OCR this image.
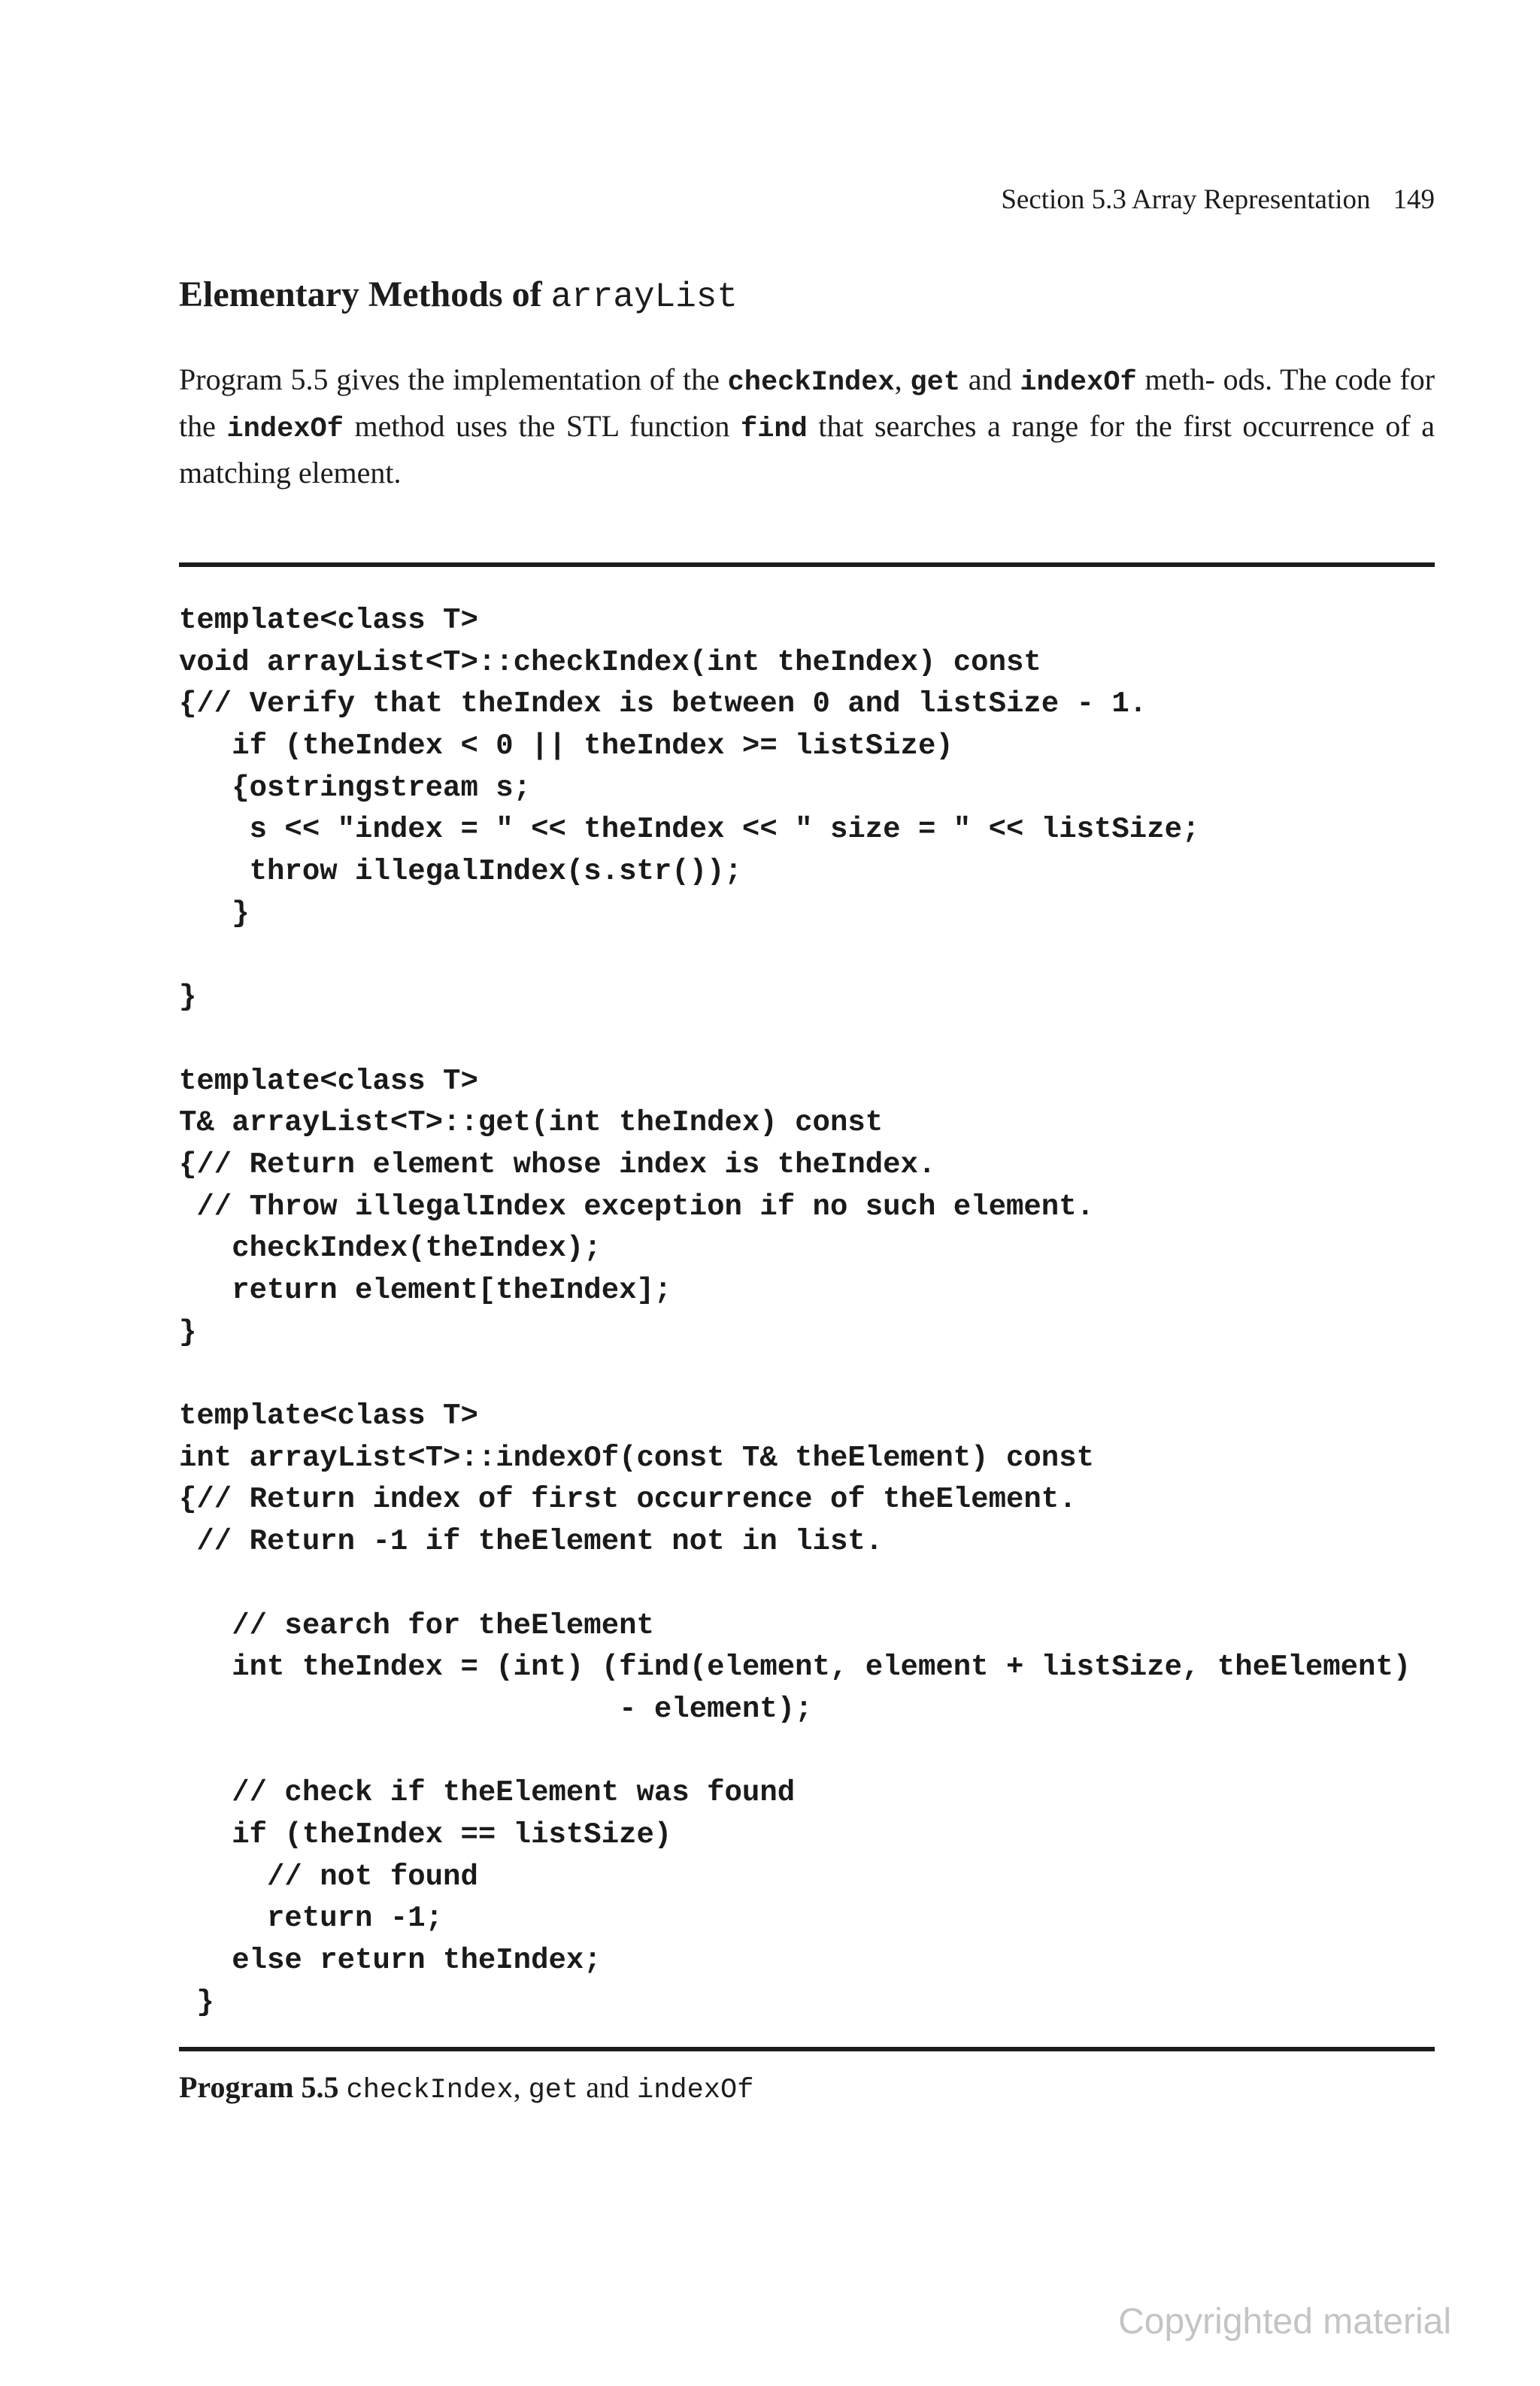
Section 5.3 Array Representation 149
Elementary Methods of arrayList
Program 5.5 gives the implementation of the checkIndex, get and indexOf meth- ods. The code for the indexOf method uses the STL function find that searches a range for the first occurrence of a matching element.
template<class T>
void arrayList<T>::checkIndex(int theIndex) const
{// Verify that theIndex is between 0 and listSize - 1.
if (theIndex < 0 || theIndex >= listSize)
{ostringstream s;
s << "index = " << theIndex << " size = " << listSize;
throw illegalIndex(s.str());
}
}
template<class T>
T& arrayList<T>::get(int theIndex) const
{// Return element whose index is theIndex.
// Throw illegalIndex exception if no such element.
checkIndex(theIndex);
return element[theIndex];
}
template<class T>
int arrayList<T>::indexOf(const T& theElement) const
{// Return index of first occurrence of theElement.
// Return -1 if theElement not in list.
// search for theElement
int theIndex = (int) (find(element, element + listSize, theElement)
- element);
// check if theElement was found
if (theIndex == listSize)
// not found
return -1;
else return theIndex;
}
Program 5.5 checkIndex, get and indexOf
Copyrighted material
